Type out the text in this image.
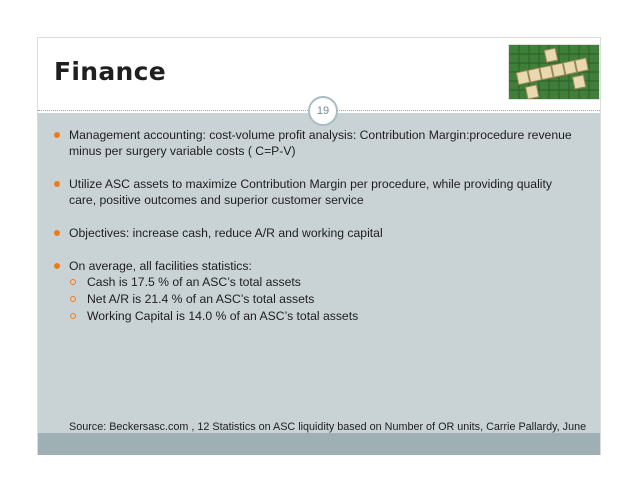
Finance
19
Management accounting: cost-volume profit analysis: Contribution Margin:procedure revenue minus per surgery variable costs ( C=P-V)
Utilize ASC assets to maximize Contribution Margin per procedure, while providing quality care, positive outcomes and superior customer service
Objectives: increase cash, reduce A/R and working capital
On average, all facilities statistics:
Cash is 17.5 % of an ASC’s total assets
Net A/R is 21.4 % of an ASC’s total assets
Working Capital is 14.0 % of an ASC’s total assets
Source: Beckersasc.com , 12 Statistics on ASC liquidity based on Number of OR units, Carrie Pallardy, June
